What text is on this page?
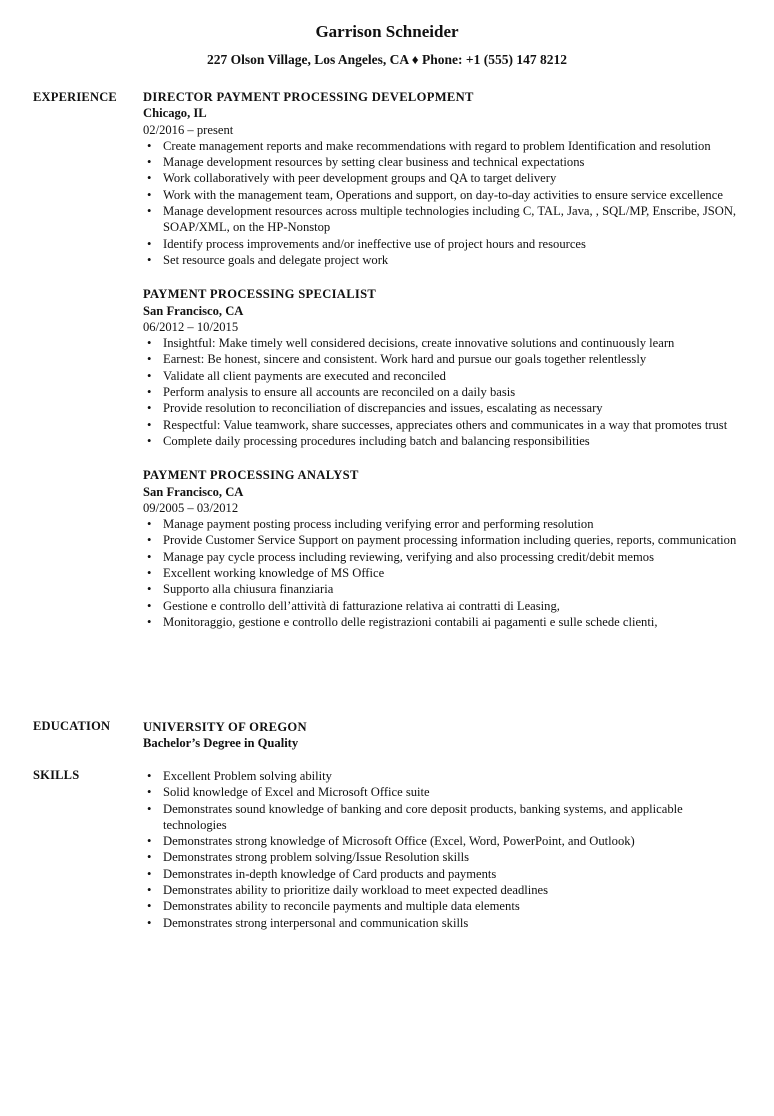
Garrison Schneider
227 Olson Village, Los Angeles, CA ♦ Phone: +1 (555) 147 8212
EXPERIENCE DIRECTOR PAYMENT PROCESSING DEVELOPMENT
Chicago, IL
02/2016 – present
• Create management reports and make recommendations with regard to problem Identification and resolution
• Manage development resources by setting clear business and technical expectations
• Work collaboratively with peer development groups and QA to target delivery
• Work with the management team, Operations and support, on day-to-day activities to ensure service excellence
• Manage development resources across multiple technologies including C, TAL, Java, , SQL/MP, Enscribe, JSON, SOAP/XML, on the HP-Nonstop
• Identify process improvements and/or ineffective use of project hours and resources
• Set resource goals and delegate project work
PAYMENT PROCESSING SPECIALIST
San Francisco, CA
06/2012 – 10/2015
• Insightful: Make timely well considered decisions, create innovative solutions and continuously learn
• Earnest: Be honest, sincere and consistent. Work hard and pursue our goals together relentlessly
• Validate all client payments are executed and reconciled
• Perform analysis to ensure all accounts are reconciled on a daily basis
• Provide resolution to reconciliation of discrepancies and issues, escalating as necessary
• Respectful: Value teamwork, share successes, appreciates others and communicates in a way that promotes trust
• Complete daily processing procedures including batch and balancing responsibilities
PAYMENT PROCESSING ANALYST
San Francisco, CA
09/2005 – 03/2012
• Manage payment posting process including verifying error and performing resolution
• Provide Customer Service Support on payment processing information including queries, reports, communication
• Manage pay cycle process including reviewing, verifying and also processing credit/debit memos
• Excellent working knowledge of MS Office
• Supporto alla chiusura finanziaria
• Gestione e controllo dell’attività di fatturazione relativa ai contratti di Leasing,
• Monitoraggio, gestione e controllo delle registrazioni contabili ai pagamenti e sulle schede clienti,
EDUCATION	UNIVERSITY OF OREGON
Bachelor’s Degree in Quality
SKILLS
•	Excellent Problem solving ability
• Solid knowledge of Excel and Microsoft Office suite
• Demonstrates sound knowledge of banking and core deposit products, banking systems, and applicable technologies
• Demonstrates strong knowledge of Microsoft Office (Excel, Word, PowerPoint, and Outlook)
• Demonstrates strong problem solving/Issue Resolution skills
• Demonstrates in-depth knowledge of Card products and payments
• Demonstrates ability to prioritize daily workload to meet expected deadlines
• Demonstrates ability to reconcile payments and multiple data elements
• Demonstrates strong interpersonal and communication skills
